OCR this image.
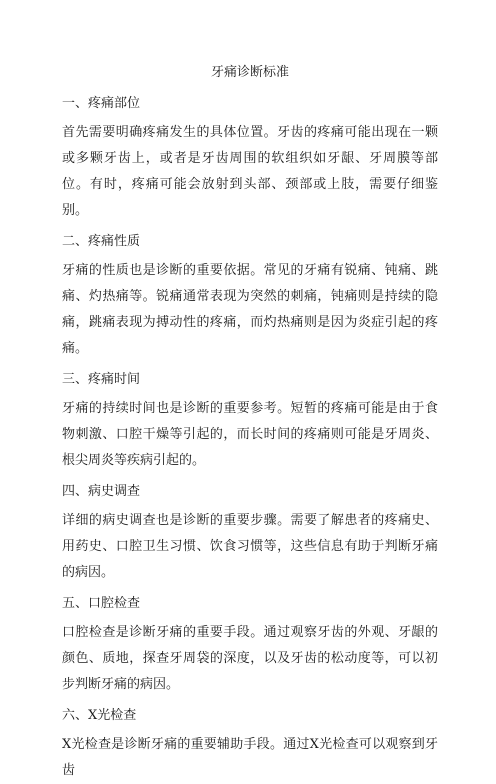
牙痛诊断标准

一、疼痛部位

首先需要明确疼痛发生的具体位置。牙齿的疼痛可能出现在一颗或多颗牙齿上，或者是牙齿周围的软组织如牙龈、牙周膜等部位。有时，疼痛可能会放射到头部、颈部或上肢，需要仔细鉴别。

二、疼痛性质

牙痛的性质也是诊断的重要依据。常见的牙痛有锐痛、钝痛、跳痛、灼热痛等。锐痛通常表现为突然的刺痛，钝痛则是持续的隐痛，跳痛表现为搏动性的疼痛，而灼热痛则是因为炎症引起的疼痛。

三、疼痛时间

牙痛的持续时间也是诊断的重要参考。短暂的疼痛可能是由于食物刺激、口腔干燥等引起的，而长时间的疼痛则可能是牙周炎、根尖周炎等疾病引起的。

四、病史调查

详细的病史调查也是诊断的重要步骤。需要了解患者的疼痛史、用药史、口腔卫生习惯、饮食习惯等，这些信息有助于判断牙痛的病因。

五、口腔检查

口腔检查是诊断牙痛的重要手段。通过观察牙齿的外观、牙龈的颜色、质地，探查牙周袋的深度，以及牙齿的松动度等，可以初步判断牙痛的病因。

六、X光检查

X光检查是诊断牙痛的重要辅助手段。通过X光检查可以观察到牙齿
